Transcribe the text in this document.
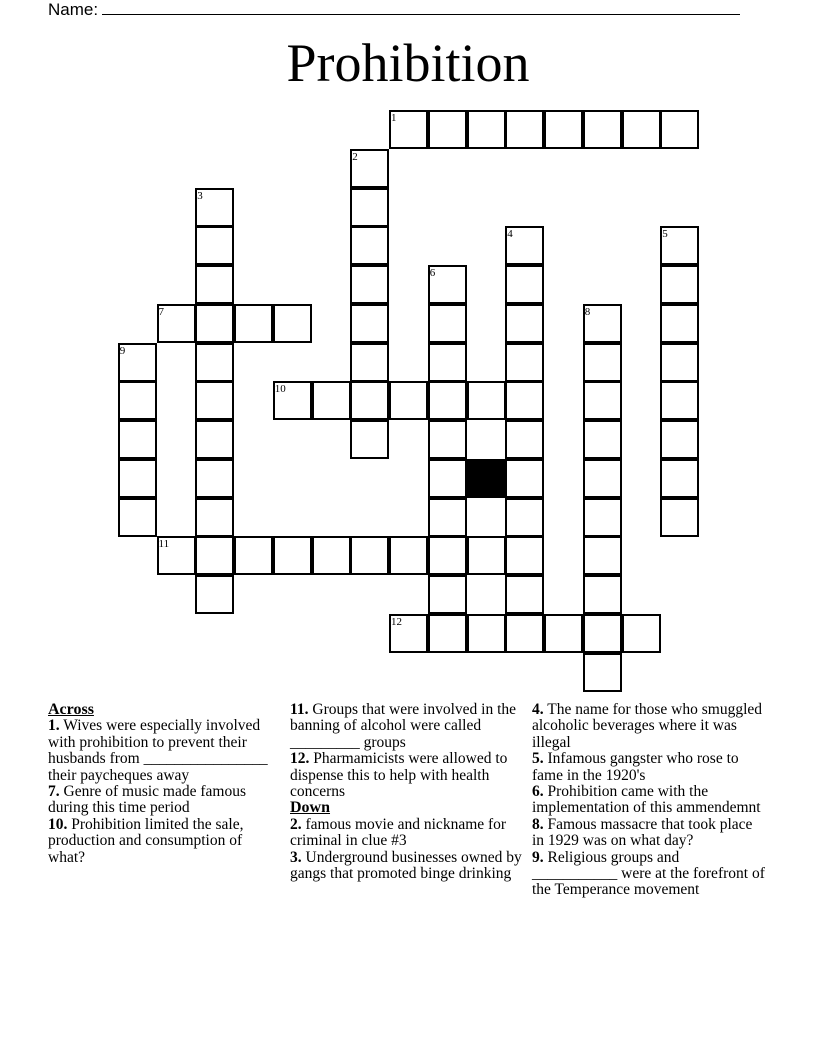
Name:
Prohibition
1
2
3
4	5
6
7	8
9
10
11
12
Across
1. Wives were especially involved with prohibition to prevent their husbands from ________________ their paycheques away
7. Genre of music made famous during this time period
10. Prohibition limited the sale, production and consumption of what?
11. Groups that were involved in the banning of alcohol were called _________ groups
12. Pharmamicists were allowed to dispense this to help with health concerns
Down
2. famous movie and nickname for criminal in clue #3
3. Underground businesses owned by gangs that promoted binge drinking
4. The name for those who smuggled alcoholic beverages where it was illegal
5. Infamous gangster who rose to fame in the 1920's
6. Prohibition came with the implementation of this ammendemnt
8. Famous massacre that took place in 1929 was on what day?
9. Religious groups and ___________ were at the forefront of the Temperance movement
